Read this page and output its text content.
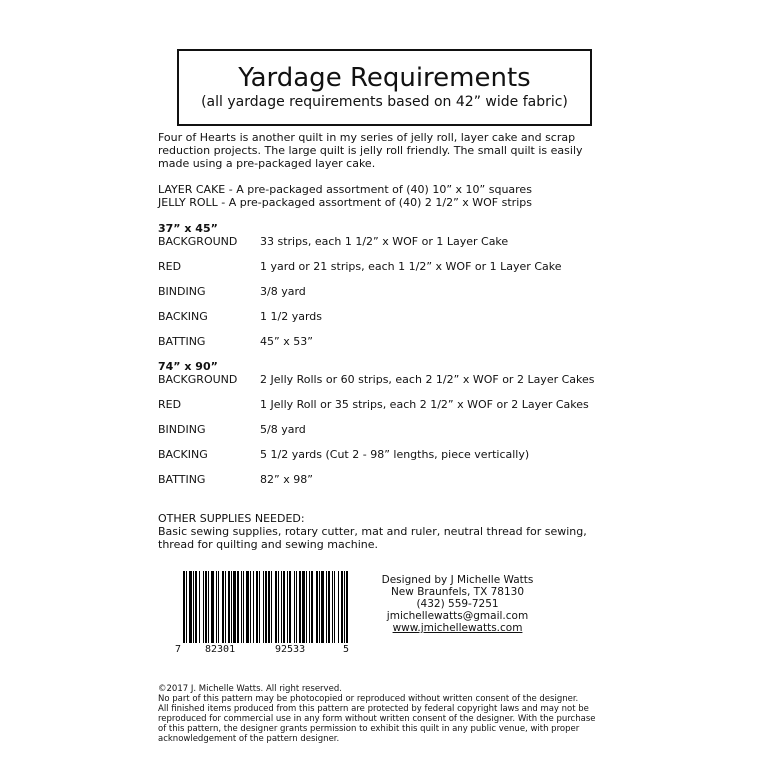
Yardage Requirements
(all yardage requirements based on 42” wide fabric)
Four of Hearts is another quilt in my series of jelly roll, layer cake and scrap
reduction projects. The large quilt is jelly roll friendly. The small quilt is easily
made using a pre-packaged layer cake.
LAYER CAKE - A pre-packaged assortment of (40) 10” x 10” squares
JELLY ROLL - A pre-packaged assortment of (40) 2 1/2” x WOF strips
37” x 45”
BACKGROUND 33 strips, each 1 1/2” x WOF or 1 Layer Cake
RED	1 yard or 21 strips, each 1 1/2” x WOF or 1 Layer Cake
BINDING	3/8 yard
BACKING	1 1/2 yards
BATTING	45” x 53”
74” x 90”
BACKGROUND 2 Jelly Rolls or 60 strips, each 2 1/2” x WOF or 2 Layer Cakes
RED	1 Jelly Roll or 35 strips, each 2 1/2” x WOF or 2 Layer Cakes
BINDING	5/8 yard
BACKING	5 1/2 yards (Cut 2 - 98” lengths, piece vertically)
BATTING	82” x 98”
OTHER SUPPLIES NEEDED:
Basic sewing supplies, rotary cutter, mat and ruler, neutral thread for sewing,
thread for quilting and sewing machine.
7 82301	92533	5
Designed by J Michelle Watts
New Braunfels, TX 78130
(432) 559-7251
jmichellewatts@gmail.com
www.jmichellewatts.com
©2017 J. Michelle Watts. All right reserved.
No part of this pattern may be photocopied or reproduced without written consent of the designer.
All finished items produced from this pattern are protected by federal copyright laws and may not be
reproduced for commercial use in any form without written consent of the designer. With the purchase
of this pattern, the designer grants permission to exhibit this quilt in any public venue, with proper
acknowledgement of the pattern designer.
